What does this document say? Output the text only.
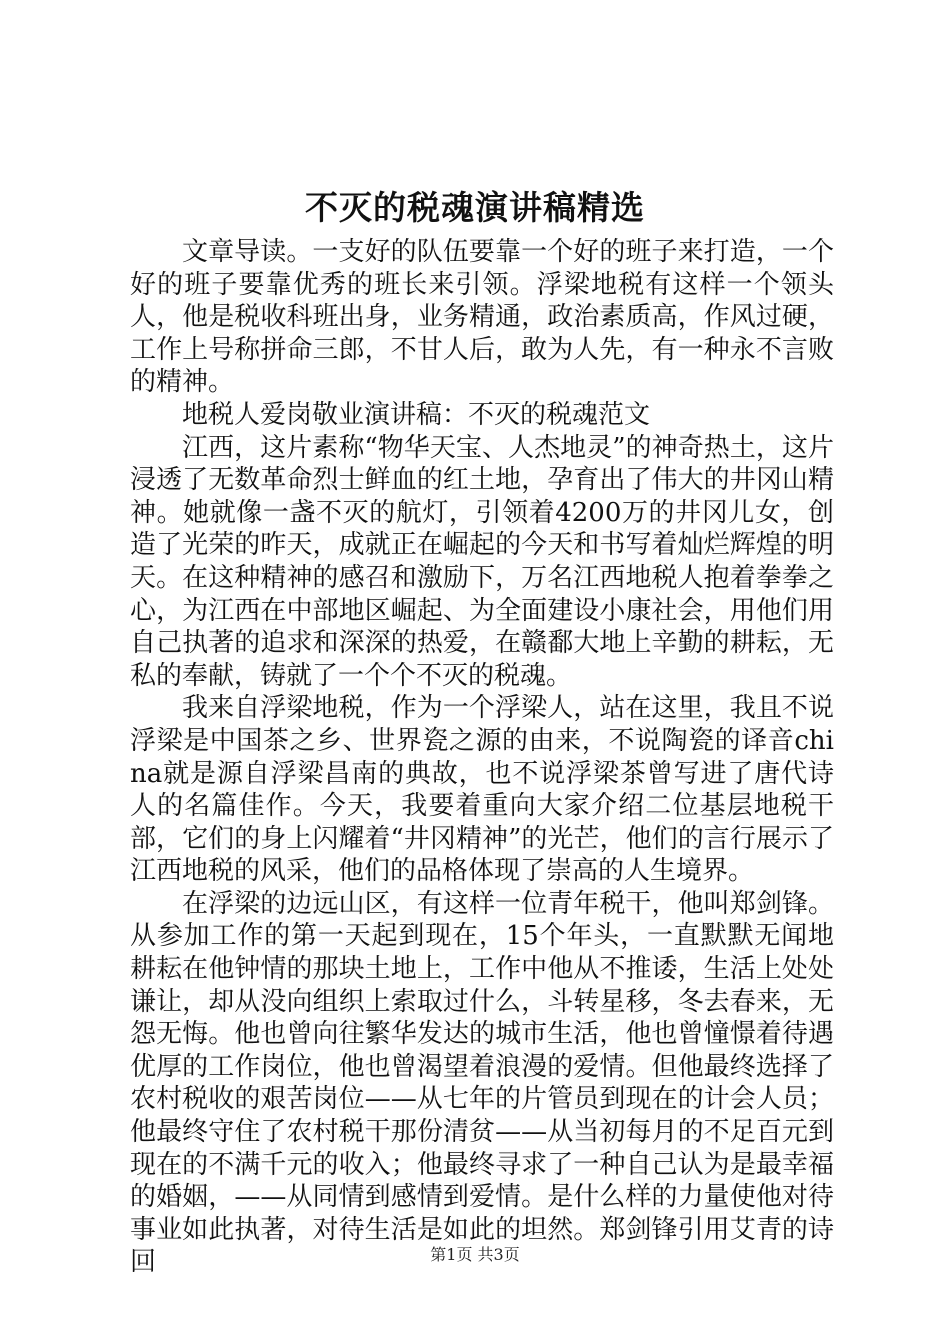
不灭的税魂演讲稿精选

文章导读。一支好的队伍要靠一个好的班子来打造，一个好的班子要靠优秀的班长来引领。浮梁地税有这样一个领头人，他是税收科班出身，业务精通，政治素质高，作风过硬，工作上号称拼命三郎，不甘人后，敢为人先，有一种永不言败的精神。

地税人爱岗敬业演讲稿：不灭的税魂范文

江西，这片素称“物华天宝、人杰地灵”的神奇热土，这片浸透了无数革命烈士鲜血的红土地，孕育出了伟大的井冈山精神。她就像一盏不灭的航灯，引领着4200万的井冈儿女，创造了光荣的昨天，成就正在崛起的今天和书写着灿烂辉煌的明天。在这种精神的感召和激励下，万名江西地税人抱着拳拳之心，为江西在中部地区崛起、为全面建设小康社会，用他们用自己执著的追求和深深的热爱，在赣鄱大地上辛勤的耕耘，无私的奉献，铸就了一个个不灭的税魂。

我来自浮梁地税，作为一个浮梁人，站在这里，我且不说浮梁是中国茶之乡、世界瓷之源的由来，不说陶瓷的译音china就是源自浮梁昌南的典故，也不说浮梁茶曾写进了唐代诗人的名篇佳作。今天，我要着重向大家介绍二位基层地税干部，它们的身上闪耀着“井冈精神”的光芒，他们的言行展示了江西地税的风采，他们的品格体现了崇高的人生境界。

在浮梁的边远山区，有这样一位青年税干，他叫郑剑锋。从参加工作的第一天起到现在，15个年头，一直默默无闻地耕耘在他钟情的那块土地上，工作中他从不推诿，生活上处处谦让，却从没向组织上索取过什么，斗转星移，冬去春来，无怨无悔。他也曾向往繁华发达的城市生活，他也曾憧憬着待遇优厚的工作岗位，他也曾渴望着浪漫的爱情。但他最终选择了农村税收的艰苦岗位——从七年的片管员到现在的计会人员；他最终守住了农村税干那份清贫——从当初每月的不足百元到现在的不满千元的收入；他最终寻求了一种自己认为是最幸福的婚姻，——从同情到感情到爱情。是什么样的力量使他对待事业如此执著，对待生活是如此的坦然。郑剑锋引用艾青的诗回	第1页 共3页
